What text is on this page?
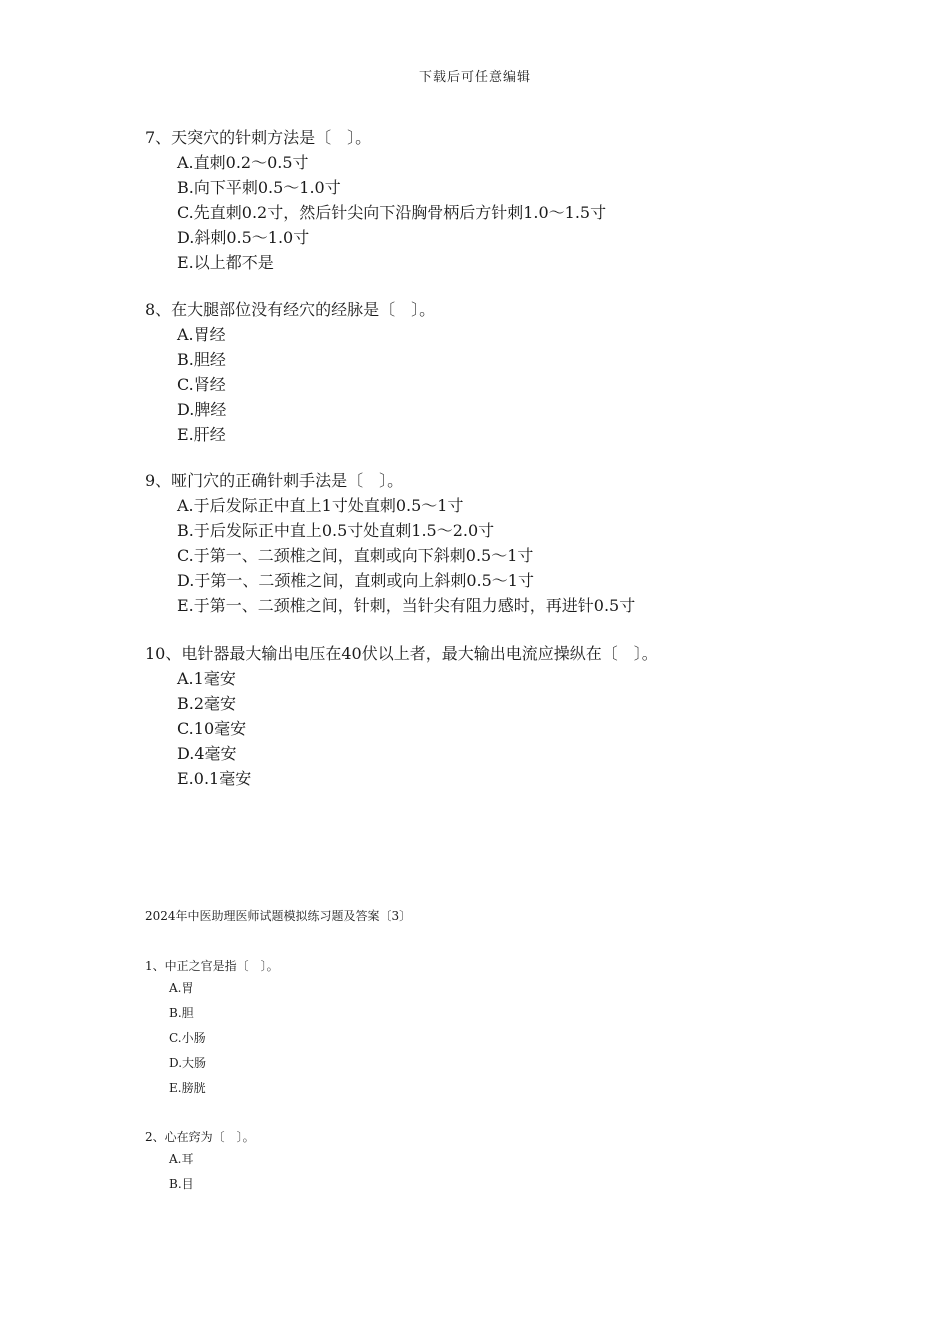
下载后可任意编辑
7、天突穴的针刺方法是〔　〕。
A.直刺0.2～0.5寸
B.向下平刺0.5～1.0寸
C.先直刺0.2寸，然后针尖向下沿胸骨柄后方针刺1.0～1.5寸
D.斜刺0.5～1.0寸
E.以上都不是
8、在大腿部位没有经穴的经脉是〔　〕。
A.胃经
B.胆经
C.肾经
D.脾经
E.肝经
9、哑门穴的正确针刺手法是〔　〕。
A.于后发际正中直上1寸处直刺0.5～1寸
B.于后发际正中直上0.5寸处直刺1.5～2.0寸
C.于第一、二颈椎之间，直刺或向下斜刺0.5～1寸
D.于第一、二颈椎之间，直刺或向上斜刺0.5～1寸
E.于第一、二颈椎之间，针刺，当针尖有阻力感时，再进针0.5寸
10、电针器最大输出电压在40伏以上者，最大输出电流应操纵在〔　〕。
A.1毫安
B.2毫安
C.10毫安
D.4毫安
E.0.1毫安
2024年中医助理医师试题模拟练习题及答案〔3〕
1、中正之官是指〔　〕。
A.胃
B.胆
C.小肠
D.大肠
E.膀胱
2、心在窍为〔　〕。
A.耳
B.目
